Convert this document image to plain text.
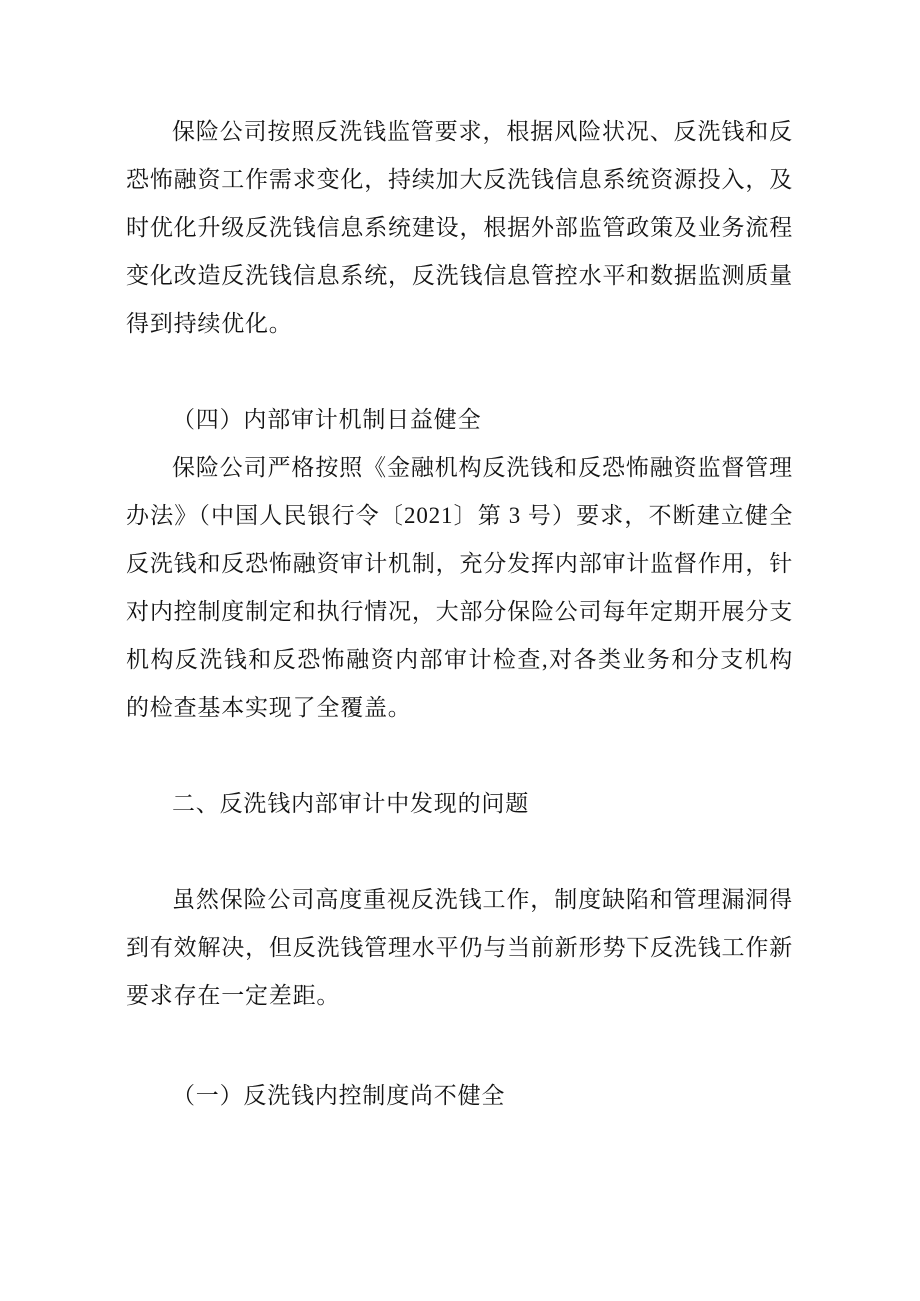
保险公司按照反洗钱监管要求，根据风险状况、反洗钱和反
恐怖融资工作需求变化，持续加大反洗钱信息系统资源投入，及
时优化升级反洗钱信息系统建设，根据外部监管政策及业务流程
变化改造反洗钱信息系统，反洗钱信息管控水平和数据监测质量
得到持续优化。
（四）内部审计机制日益健全
保险公司严格按照《金融机构反洗钱和反恐怖融资监督管理
办法》（中国人民银行令〔2021〕第 3 号）要求，不断建立健全
反洗钱和反恐怖融资审计机制，充分发挥内部审计监督作用，针
对内控制度制定和执行情况，大部分保险公司每年定期开展分支
机构反洗钱和反恐怖融资内部审计检查,对各类业务和分支机构
的检查基本实现了全覆盖。
二、反洗钱内部审计中发现的问题
虽然保险公司高度重视反洗钱工作，制度缺陷和管理漏洞得
到有效解决，但反洗钱管理水平仍与当前新形势下反洗钱工作新
要求存在一定差距。
（一）反洗钱内控制度尚不健全
